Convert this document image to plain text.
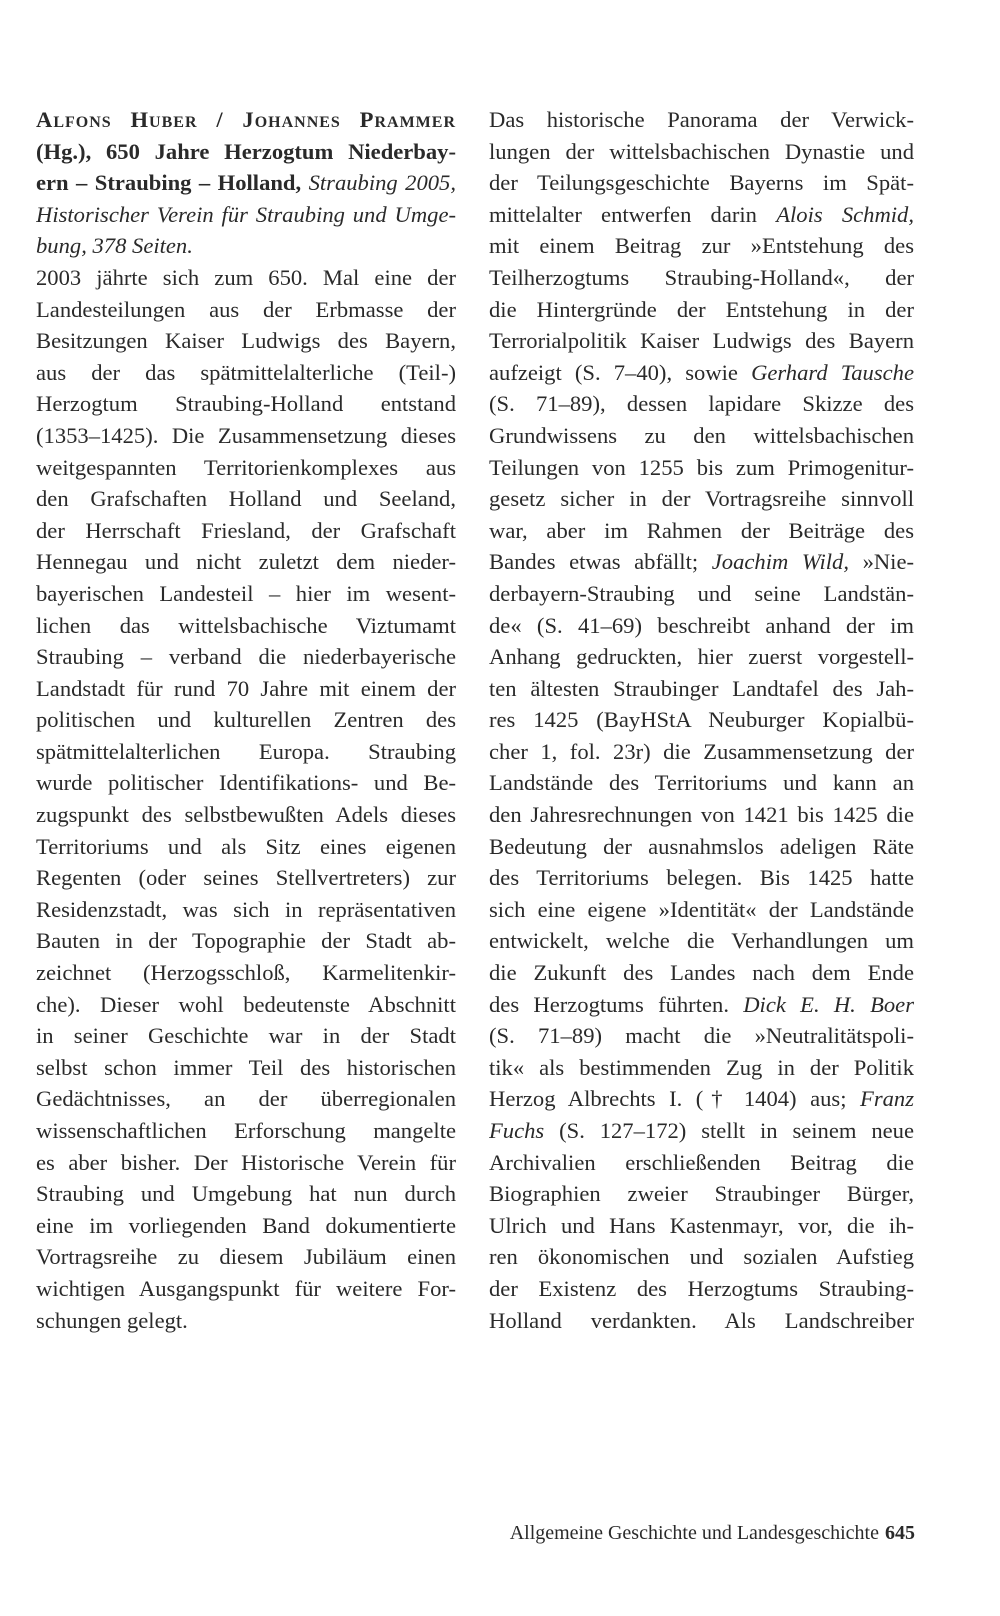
Alfons Huber / Johannes Prammer
(Hg.), 650 Jahre Herzogtum Niederbay-
ern – Straubing – Holland, Straubing 2005,
Historischer Verein für Straubing und Umge-
bung, 378 Seiten.
2003 jährte sich zum 650. Mal eine der
Landesteilungen aus der Erbmasse der
Besitzungen Kaiser Ludwigs des Bayern,
aus der das spätmittelalterliche (Teil-)
Herzogtum Straubing-Holland entstand
(1353–1425). Die Zusammensetzung dieses
weitgespannten Territorienkomplexes aus
den Grafschaften Holland und Seeland,
der Herrschaft Friesland, der Grafschaft
Hennegau und nicht zuletzt dem nieder-
bayerischen Landesteil – hier im wesent-
lichen das wittelsbachische Viztumamt
Straubing – verband die niederbayerische
Landstadt für rund 70 Jahre mit einem der
politischen und kulturellen Zentren des
spätmittelalterlichen Europa. Straubing
wurde politischer Identifikations- und Be-
zugspunkt des selbstbewußten Adels dieses
Territoriums und als Sitz eines eigenen
Regenten (oder seines Stellvertreters) zur
Residenzstadt, was sich in repräsentativen
Bauten in der Topographie der Stadt ab-
zeichnet (Herzogsschloß, Karmelitenkir-
che). Dieser wohl bedeutenste Abschnitt
in seiner Geschichte war in der Stadt
selbst schon immer Teil des historischen
Gedächtnisses, an der überregionalen
wissenschaftlichen Erforschung mangelte
es aber bisher. Der Historische Verein für
Straubing und Umgebung hat nun durch
eine im vorliegenden Band dokumentierte
Vortragsreihe zu diesem Jubiläum einen
wichtigen Ausgangspunkt für weitere For-
schungen gelegt.
Das historische Panorama der Verwick-
lungen der wittelsbachischen Dynastie und
der Teilungsgeschichte Bayerns im Spät-
mittelalter entwerfen darin Alois Schmid,
mit einem Beitrag zur »Entstehung des
Teilherzogtums Straubing-Holland«, der
die Hintergründe der Entstehung in der
Terrorialpolitik Kaiser Ludwigs des Bayern
aufzeigt (S. 7–40), sowie Gerhard Tausche
(S. 71–89), dessen lapidare Skizze des
Grundwissens zu den wittelsbachischen
Teilungen von 1255 bis zum Primogenitur-
gesetz sicher in der Vortragsreihe sinnvoll
war, aber im Rahmen der Beiträge des
Bandes etwas abfällt; Joachim Wild, »Nie-
derbayern-Straubing und seine Landstän-
de« (S. 41–69) beschreibt anhand der im
Anhang gedruckten, hier zuerst vorgestell-
ten ältesten Straubinger Landtafel des Jah-
res 1425 (BayHStA Neuburger Kopialbü-
cher 1, fol. 23r) die Zusammensetzung der
Landstände des Territoriums und kann an
den Jahresrechnungen von 1421 bis 1425 die
Bedeutung der ausnahmslos adeligen Räte
des Territoriums belegen. Bis 1425 hatte
sich eine eigene »Identität« der Landstände
entwickelt, welche die Verhandlungen um
die Zukunft des Landes nach dem Ende
des Herzogtums führten. Dick E. H. Boer
(S. 71–89) macht die »Neutralitätspoli-
tik« als bestimmenden Zug in der Politik
Herzog Albrechts I. († 1404) aus; Franz
Fuchs (S. 127–172) stellt in seinem neue
Archivalien erschließenden Beitrag die
Biographien zweier Straubinger Bürger,
Ulrich und Hans Kastenmayr, vor, die ih-
ren ökonomischen und sozialen Aufstieg
der Existenz des Herzogtums Straubing-
Holland verdankten. Als Landschreiber
Allgemeine Geschichte und Landesgeschichte 645
